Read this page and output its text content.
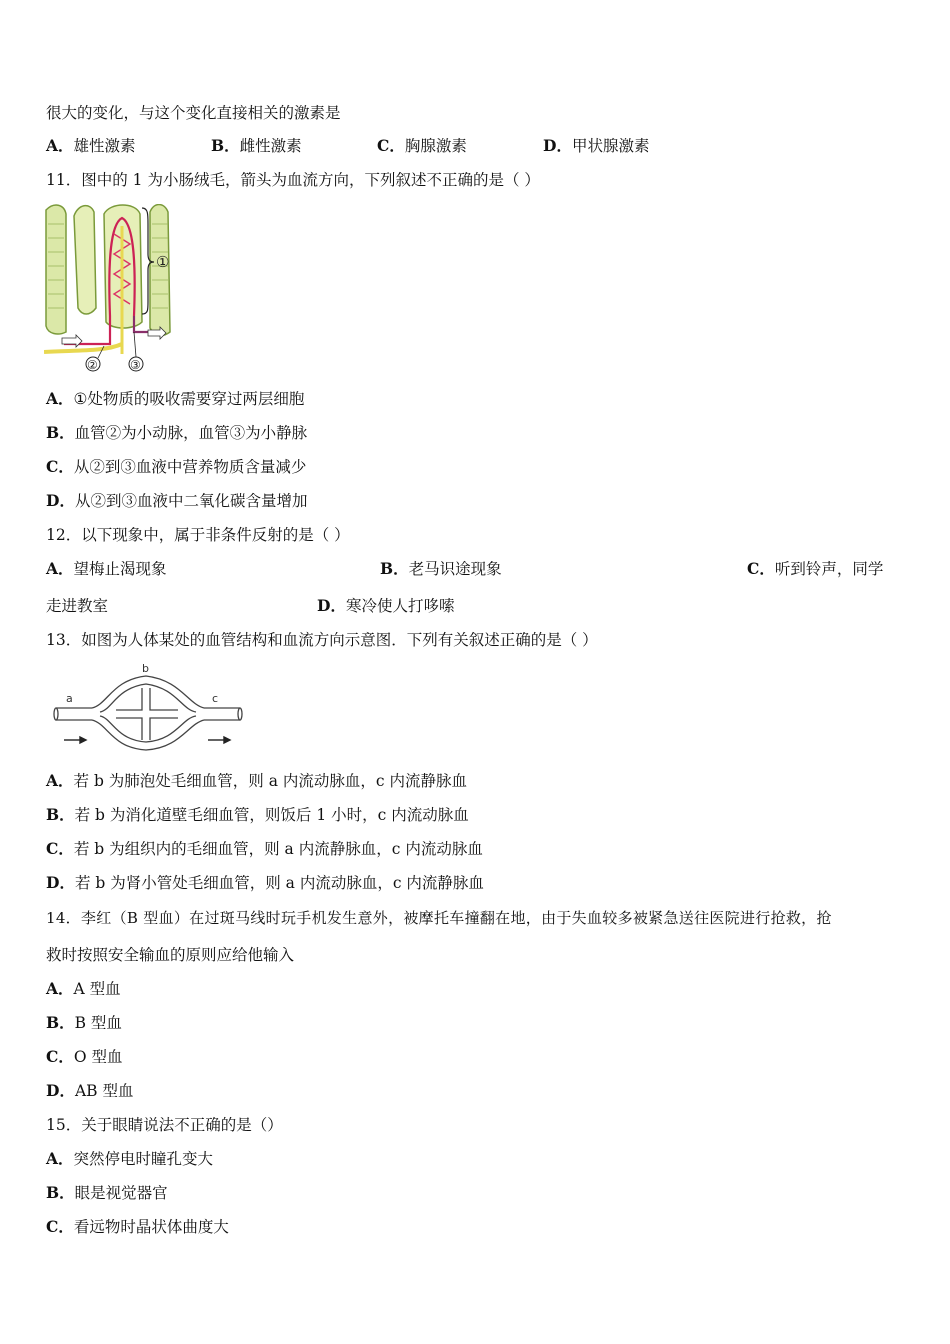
很大的变化，与这个变化直接相关的激素是
A．雄性激素	B．雌性激素	C．胸腺激素	D．甲状腺激素
11．图中的 1 为小肠绒毛，箭头为血流方向，下列叙述不正确的是（ ）
①
②	③
A．①处物质的吸收需要穿过两层细胞
B．血管②为小动脉，血管③为小静脉
C．从②到③血液中营养物质含量减少
D．从②到③血液中二氧化碳含量增加
12．以下现象中，属于非条件反射的是（ ）
A．望梅止渴现象	B．老马识途现象	C．听到铃声，同学
走进教室	D．寒冷使人打哆嗦
13．如图为人体某处的血管结构和血流方向示意图．下列有关叙述正确的是（ ）
a
b
c
A．若 b 为肺泡处毛细血管，则 a 内流动脉血，c 内流静脉血
B．若 b 为消化道壁毛细血管，则饭后 1 小时，c 内流动脉血
C．若 b 为组织内的毛细血管，则 a 内流静脉血，c 内流动脉血
D．若 b 为肾小管处毛细血管，则 a 内流动脉血，c 内流静脉血
14．李红（B 型血）在过斑马线时玩手机发生意外，被摩托车撞翻在地，由于失血较多被紧急送往医院进行抢救，抢
救时按照安全输血的原则应给他输入
A．A 型血
B．B 型血
C．O 型血
D．AB 型血
15．关于眼睛说法不正确的是（）
A．突然停电时瞳孔变大
B．眼是视觉器官
C．看远物时晶状体曲度大
